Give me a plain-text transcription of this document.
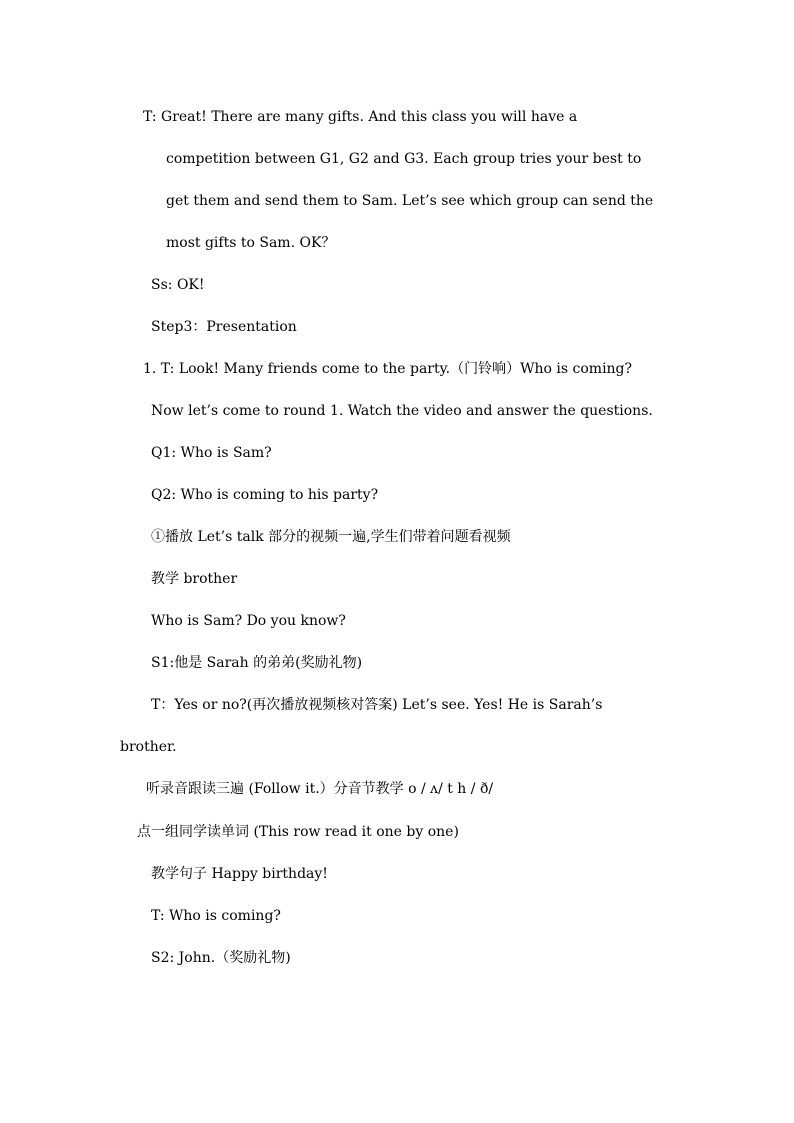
T: Great! There are many gifts. And this class you will have a
competition between G1, G2 and G3. Each group tries your best to
get them and send them to Sam. Let’s see which group can send the
most gifts to Sam. OK？
Ss: OK!
Step3：Presentation
1. T: Look! Many friends come to the party.（门铃响）Who is coming?
Now let’s come to round 1. Watch the video and answer the questions.
Q1: Who is Sam?
Q2: Who is coming to his party?
①播放 Let’s talk 部分的视频一遍,学生们带着问题看视频
教学 brother
Who is Sam? Do you know?
S1:他是 Sarah 的弟弟(奖励礼物)
T：Yes or no?(再次播放视频核对答案) Let’s see. Yes! He is Sarah’s
brother.
听录音跟读三遍 (Follow it.）分音节教学 o / ʌ/ t h / ð/
点一组同学读单词 (This row read it one by one)
教学句子 Happy birthday!
T: Who is coming?
S2: John.（奖励礼物)
